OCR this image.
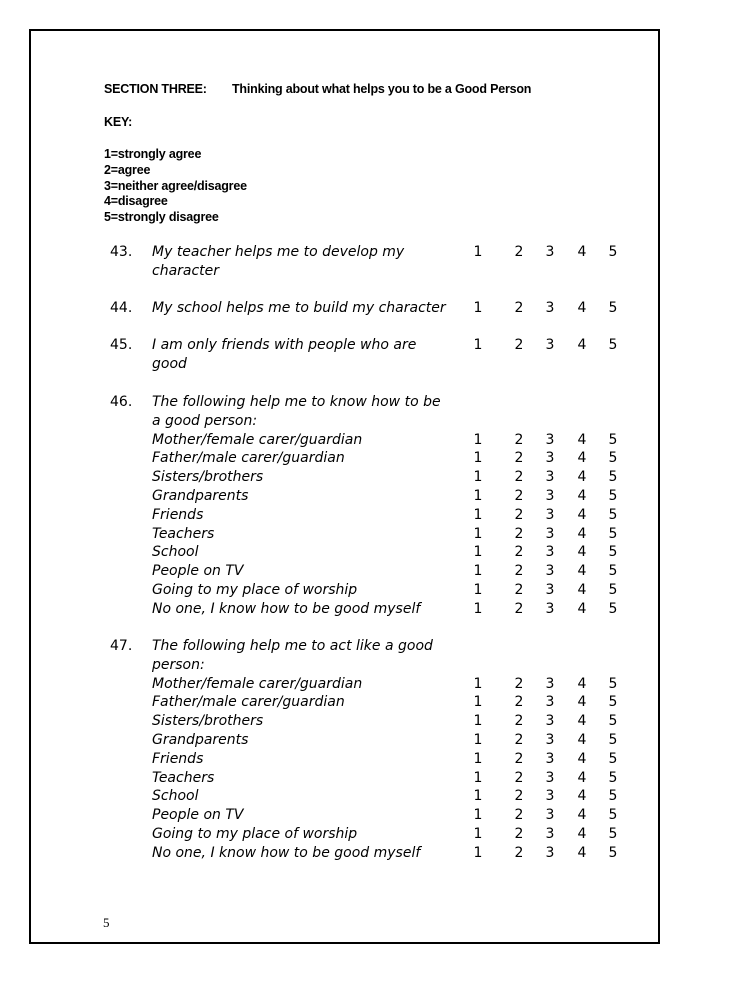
SECTION THREE: Thinking about what helps you to be a Good Person
KEY:
1=strongly agree
2=agree
3=neither agree/disagree
4=disagree
5=strongly disagree
43. My teacher helps me to develop my	1 2 3 4 5
character
44. My school helps me to build my character 1 2 3 4 5
45. I am only friends with people who are	1 2 3 4 5
good
46. The following help me to know how to be
a good person:
Mother/female carer/guardian	1 2 3 4 5
Father/male carer/guardian	1 2 3 4 5
Sisters/brothers	1 2 3 4 5
Grandparents	1 2 3 4 5
Friends	1 2 3 4 5
Teachers	1 2 3 4 5
School	1 2 3 4 5
People on TV	1 2 3 4 5
Going to my place of worship	1 2 3 4 5
No one, I know how to be good myself	1 2 3 4 5
47. The following help me to act like a good
person:
Mother/female carer/guardian	1 2 3 4 5
Father/male carer/guardian	1 2 3 4 5
Sisters/brothers	1 2 3 4 5
Grandparents	1 2 3 4 5
Friends	1 2 3 4 5
Teachers	1 2 3 4 5
School	1 2 3 4 5
People on TV	1 2 3 4 5
Going to my place of worship	1 2 3 4 5
No one, I know how to be good myself	1 2 3 4 5
5
